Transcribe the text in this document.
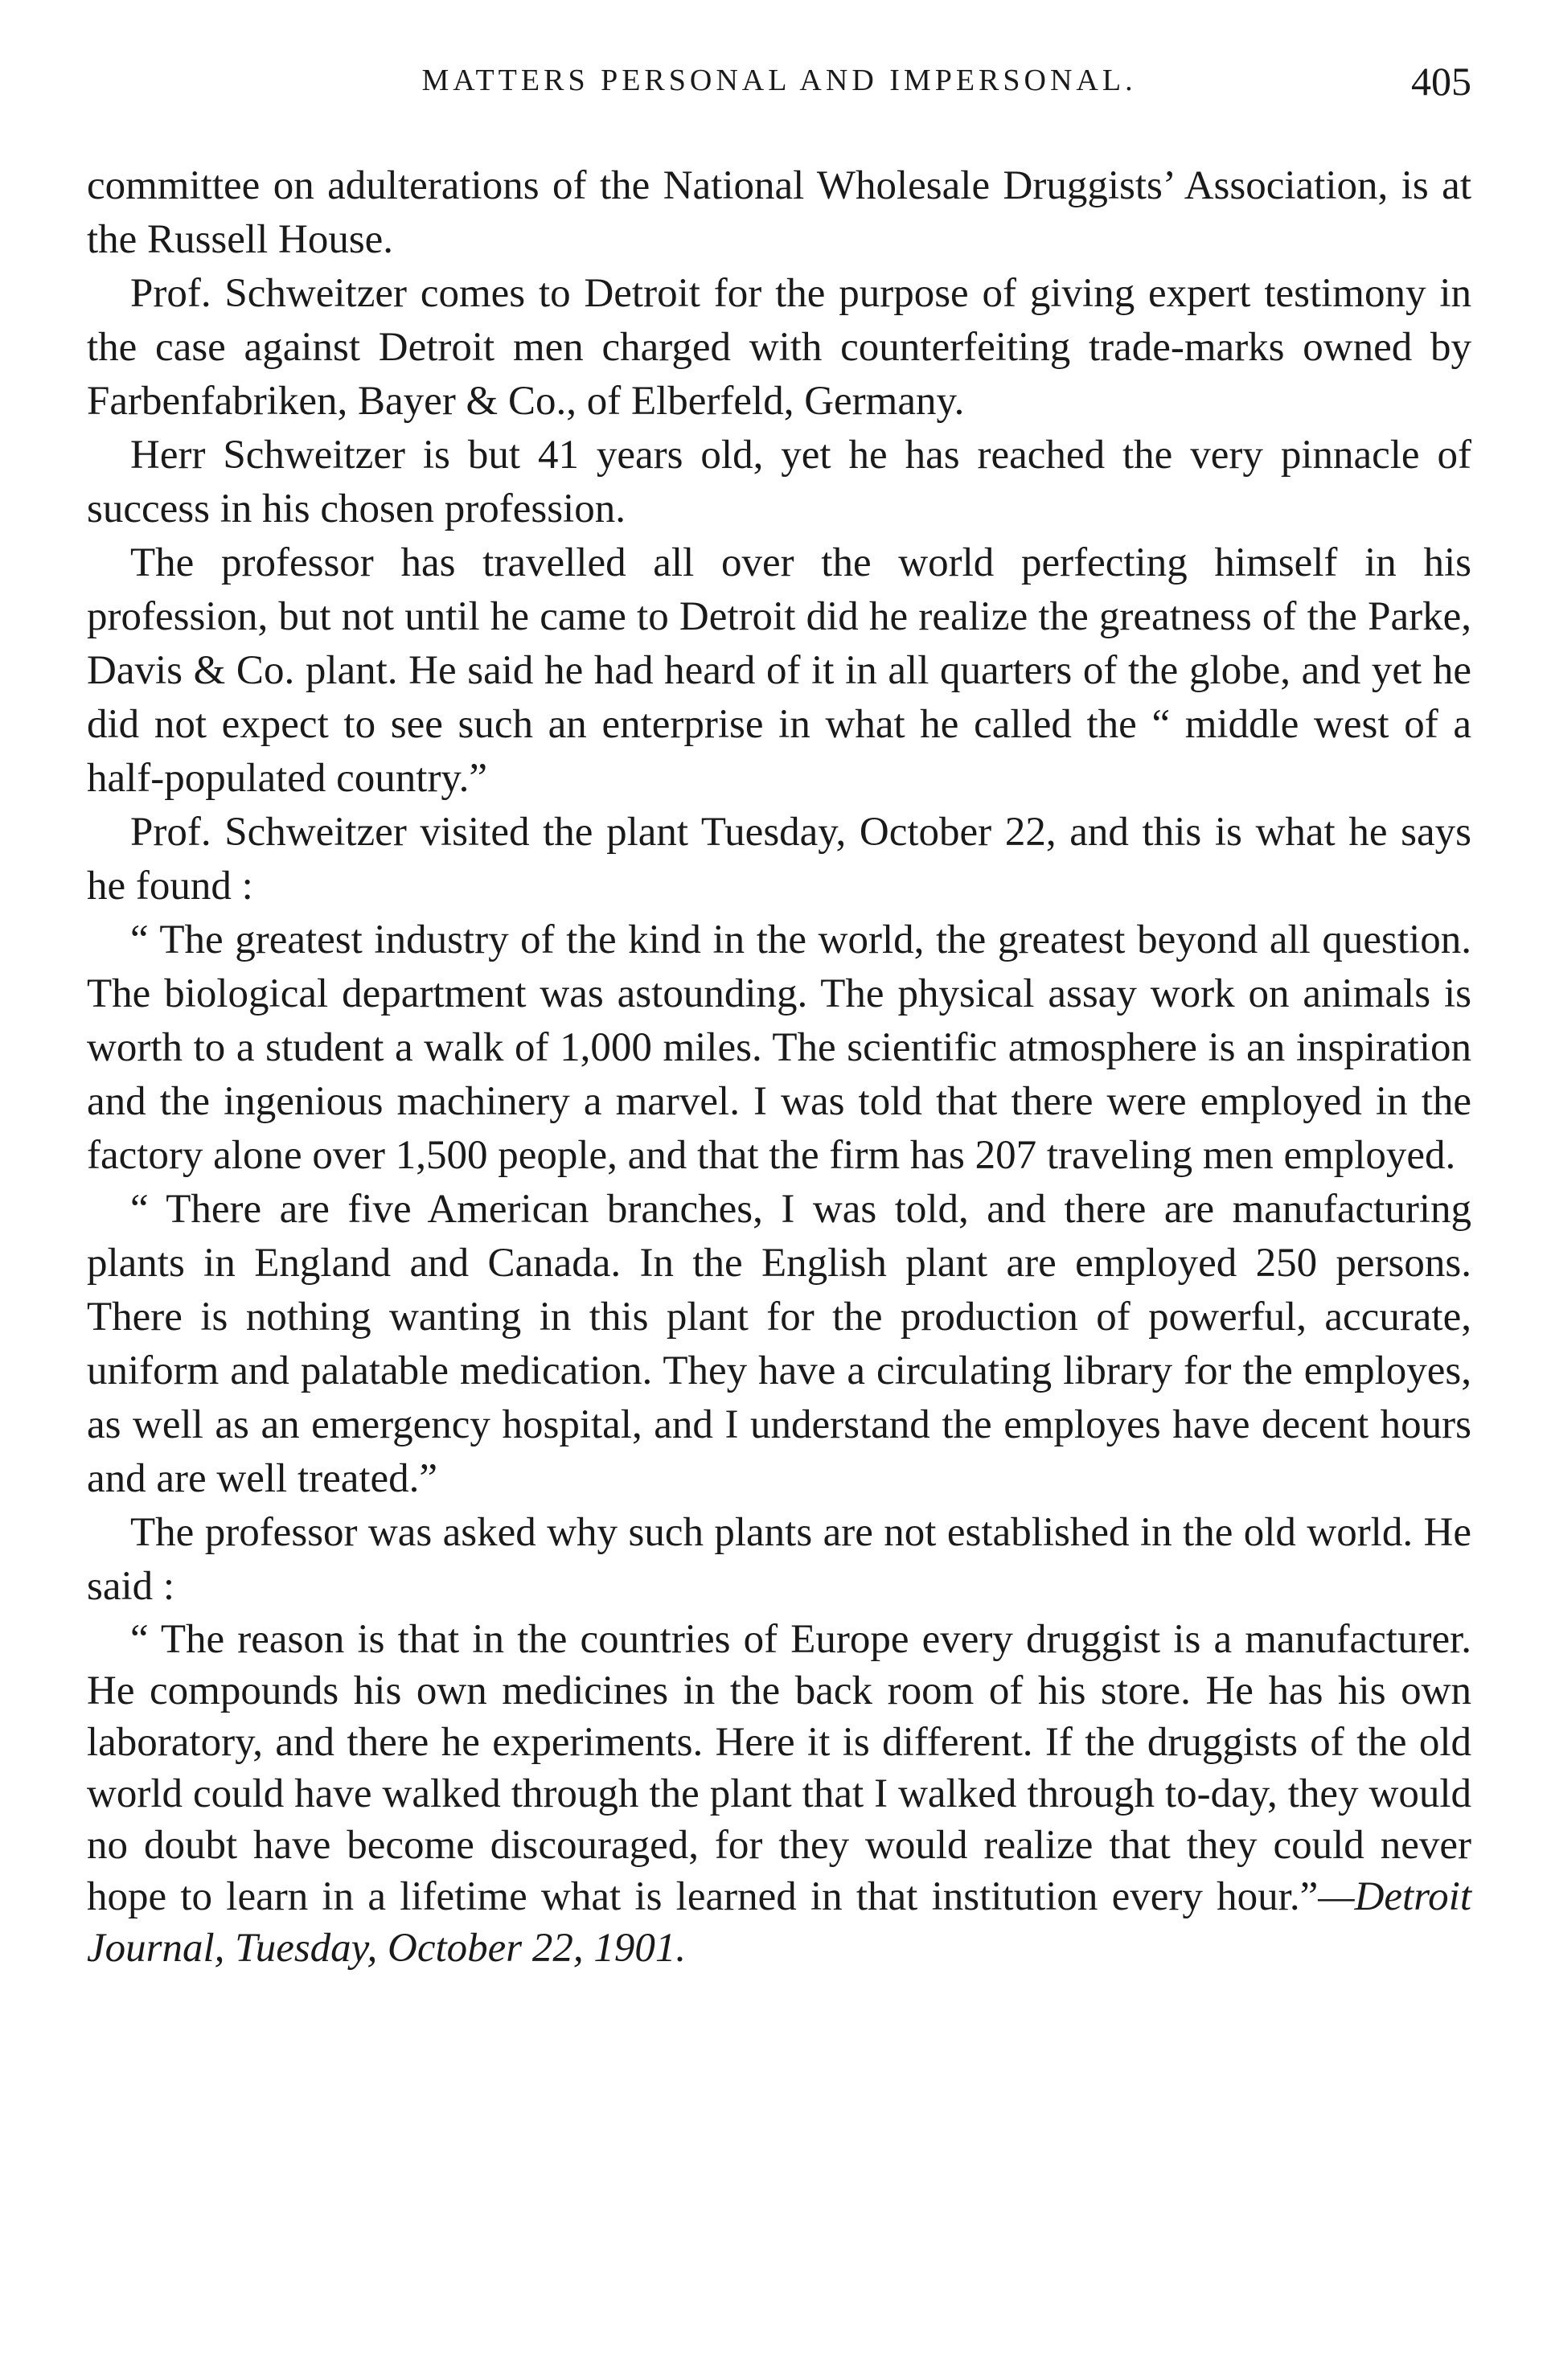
MATTERS PERSONAL AND IMPERSONAL.	405

committee on adulterations of the National Wholesale Druggists’ Association, is at the Russell House.

Prof. Schweitzer comes to Detroit for the purpose of giving expert testimony in the case against Detroit men charged with counterfeiting trade-marks owned by Farbenfabriken, Bayer & Co., of Elberfeld, Germany.

Herr Schweitzer is but 41 years old, yet he has reached the very pinnacle of success in his chosen profession.

The professor has travelled all over the world perfecting himself in his profession, but not until he came to Detroit did he realize the greatness of the Parke, Davis & Co. plant. He said he had heard of it in all quarters of the globe, and yet he did not expect to see such an enterprise in what he called the “ middle west of a half-populated country.”

Prof. Schweitzer visited the plant Tuesday, October 22, and this is what he says he found :

“ The greatest industry of the kind in the world, the greatest beyond all question. The biological department was astounding. The physical assay work on animals is worth to a student a walk of 1,000 miles. The scientific atmosphere is an inspiration and the ingenious machinery a marvel. I was told that there were employed in the factory alone over 1,500 people, and that the firm has 207 traveling men employed.

“ There are five American branches, I was told, and there are manufacturing plants in England and Canada. In the English plant are employed 250 persons. There is nothing wanting in this plant for the production of powerful, accurate, uniform and palatable medication. They have a circulating library for the employes, as well as an emergency hospital, and I understand the employes have decent hours and are well treated.”

The professor was asked why such plants are not established in the old world. He said :

“ The reason is that in the countries of Europe every druggist is a manufacturer. He compounds his own medicines in the back room of his store. He has his own laboratory, and there he experiments. Here it is different. If the druggists of the old world could have walked through the plant that I walked through to-day, they would no doubt have become discouraged, for they would realize that they could never hope to learn in a lifetime what is learned in that institution every hour.”—Detroit Journal, Tuesday, October 22, 1901.
